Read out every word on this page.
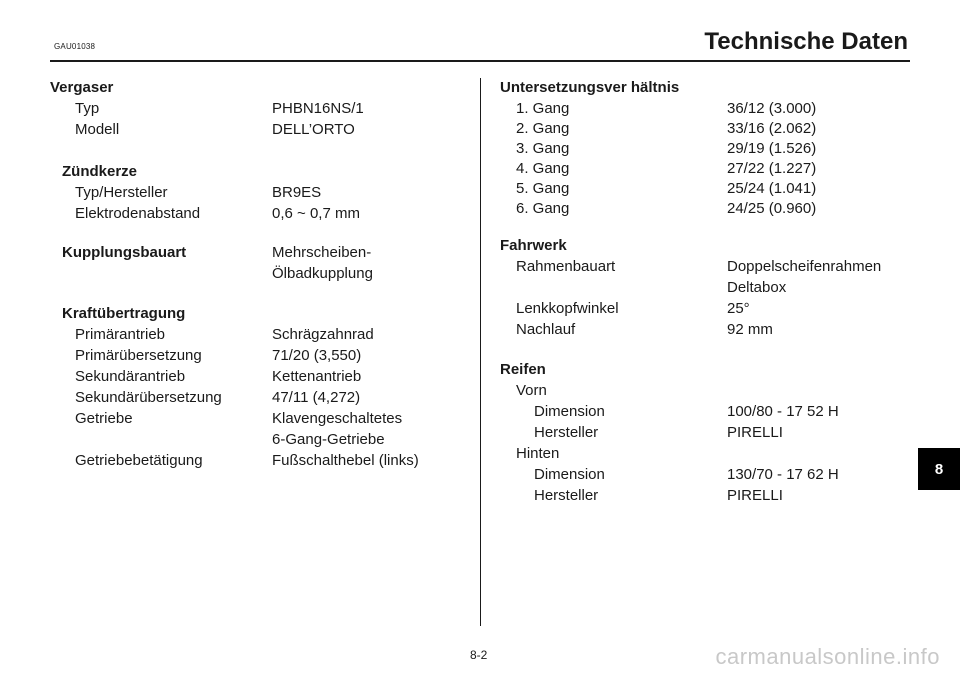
GAU01038	Technische Daten
Vergaser
Typ	PHBN16NS/1
Modell	DELL’ORTO
Zündkerze
Typ/Hersteller	BR9ES
Elektrodenabstand	0,6 ~ 0,7 mm
Kupplungsbauart	Mehrscheiben-
Ölbadkupplung
Kraftübertragung
Primärantrieb	Schrägzahnrad
Primärübersetzung	71/20 (3,550)
Sekundärantrieb	Kettenantrieb
Sekundärübersetzung	47/11 (4,272)
Getriebe	Klavengeschaltetes
6-Gang-Getriebe
Getriebebetätigung	Fußschalthebel (links)
Untersetzungsver hältnis
1. Gang	36/12 (3.000)
2. Gang	33/16 (2.062)
3. Gang	29/19 (1.526)
4. Gang	27/22 (1.227)
5. Gang	25/24 (1.041)
6. Gang	24/25 (0.960)
Fahrwerk
Rahmenbauart	Doppelscheifenrahmen
Deltabox
Lenkkopfwinkel	25°
Nachlauf	92 mm
Reifen
Vorn
Dimension	100/80 - 17 52 H
Hersteller	PIRELLI
Hinten
Dimension	130/70 - 17 62 H
Hersteller	PIRELLI
8
8-2	carmanualsonline.info
